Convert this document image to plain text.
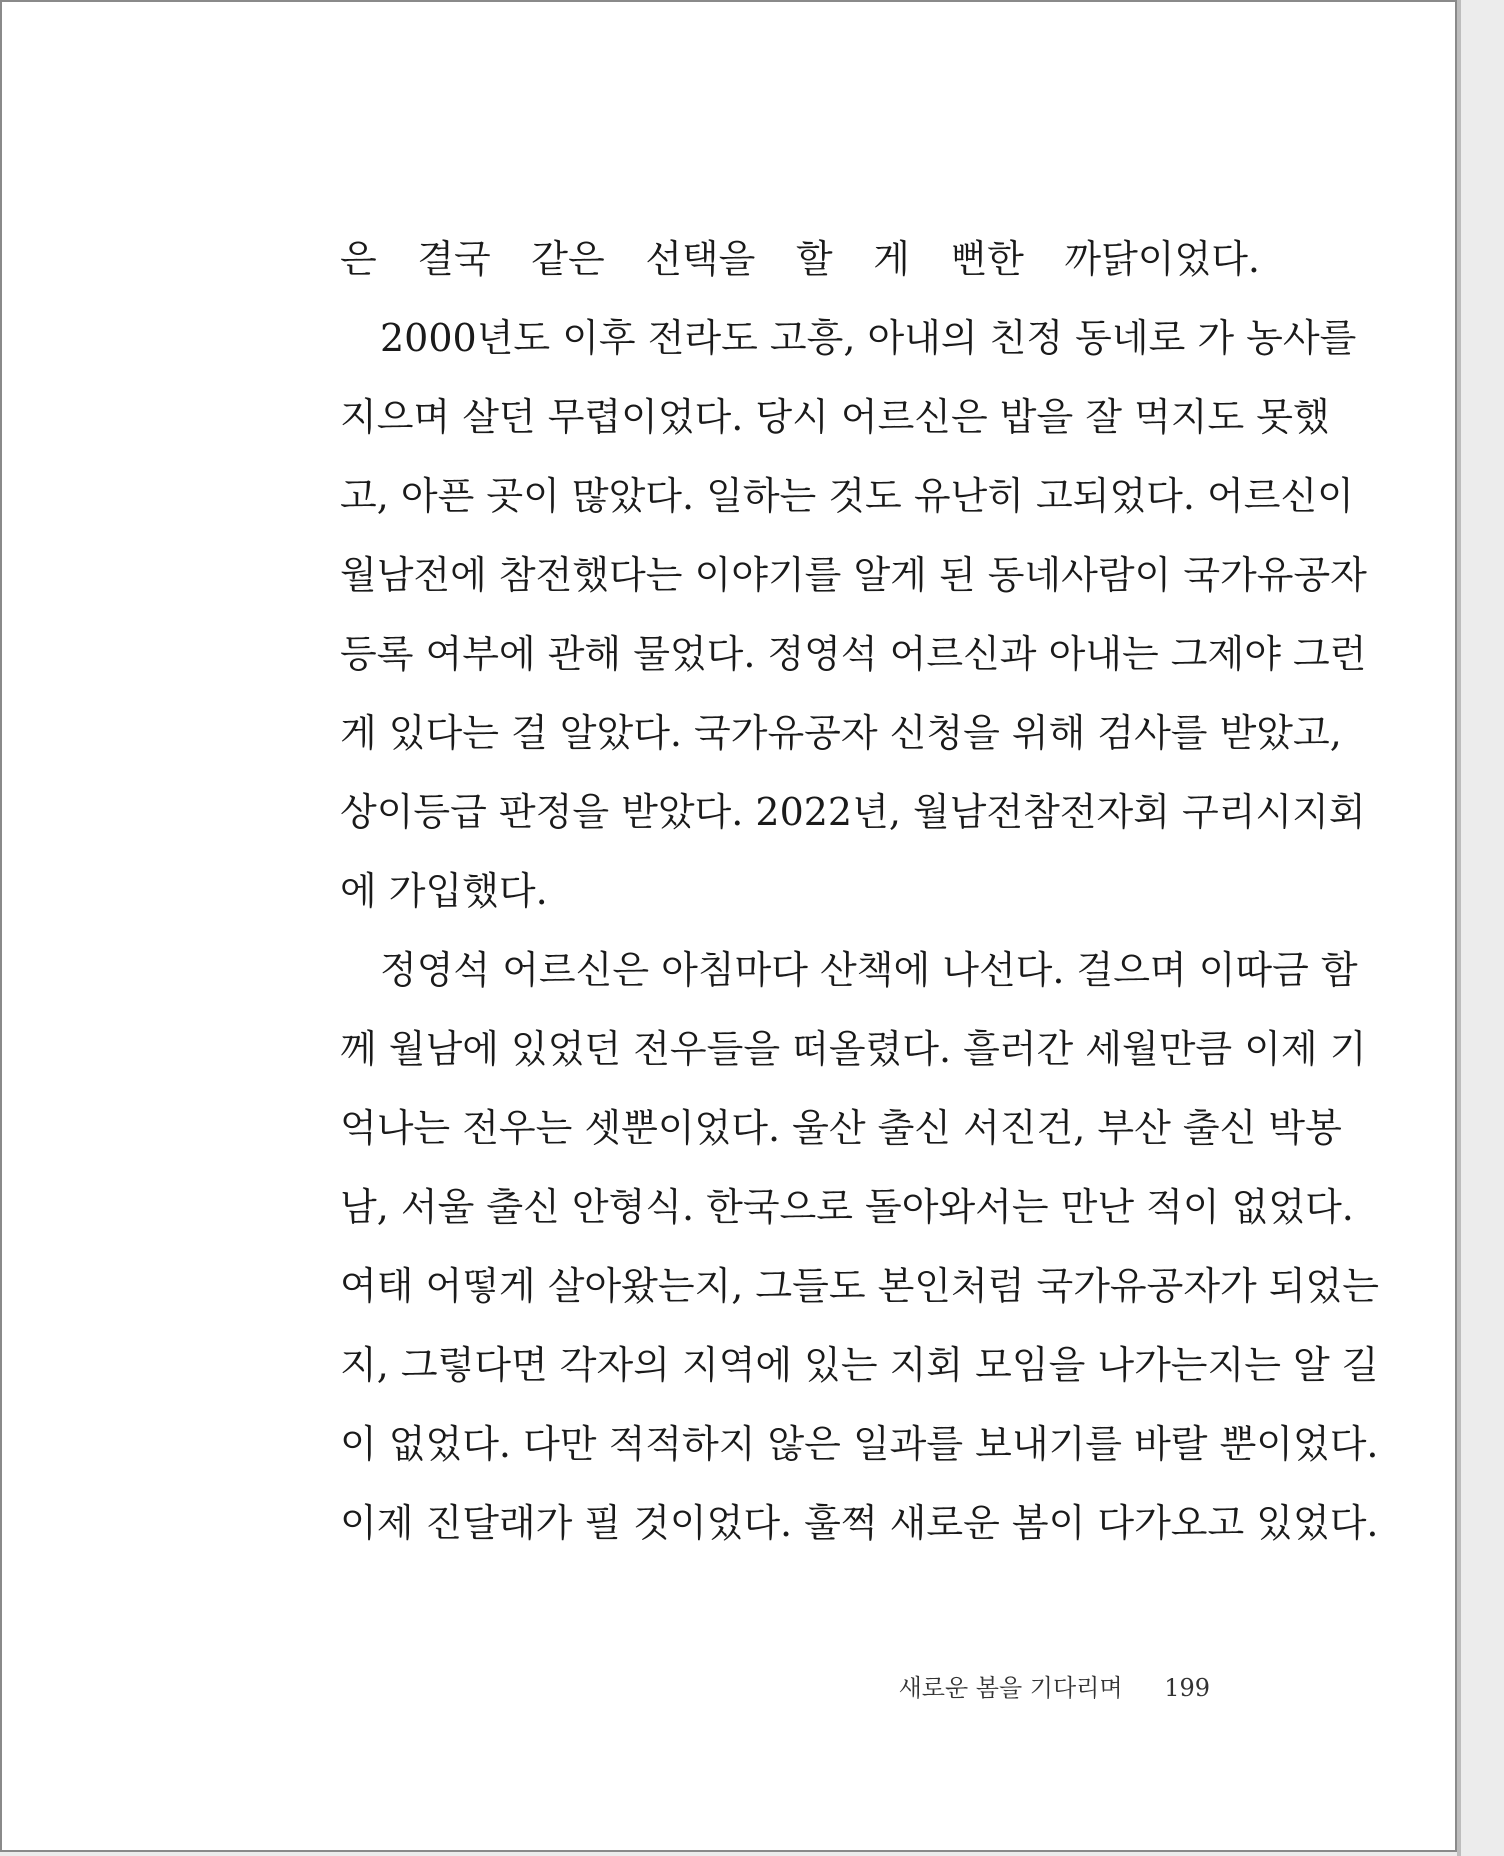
은 결국 같은 선택을 할 게 뻔한 까닭이었다.
2000년도 이후 전라도 고흥, 아내의 친정 동네로 가 농사를
지으며 살던 무렵이었다. 당시 어르신은 밥을 잘 먹지도 못했
고, 아픈 곳이 많았다. 일하는 것도 유난히 고되었다. 어르신이
월남전에 참전했다는 이야기를 알게 된 동네사람이 국가유공자
등록 여부에 관해 물었다. 정영석 어르신과 아내는 그제야 그런
게 있다는 걸 알았다. 국가유공자 신청을 위해 검사를 받았고,
상이등급 판정을 받았다. 2022년, 월남전참전자회 구리시지회
에 가입했다.
정영석 어르신은 아침마다 산책에 나선다. 걸으며 이따금 함
께 월남에 있었던 전우들을 떠올렸다. 흘러간 세월만큼 이제 기
억나는 전우는 셋뿐이었다. 울산 출신 서진건, 부산 출신 박봉
남, 서울 출신 안형식. 한국으로 돌아와서는 만난 적이 없었다.
여태 어떻게 살아왔는지, 그들도 본인처럼 국가유공자가 되었는
지, 그렇다면 각자의 지역에 있는 지회 모임을 나가는지는 알 길
이 없었다. 다만 적적하지 않은 일과를 보내기를 바랄 뿐이었다.
이제 진달래가 필 것이었다. 훌쩍 새로운 봄이 다가오고 있었다.
새로운 봄을 기다리며 199
